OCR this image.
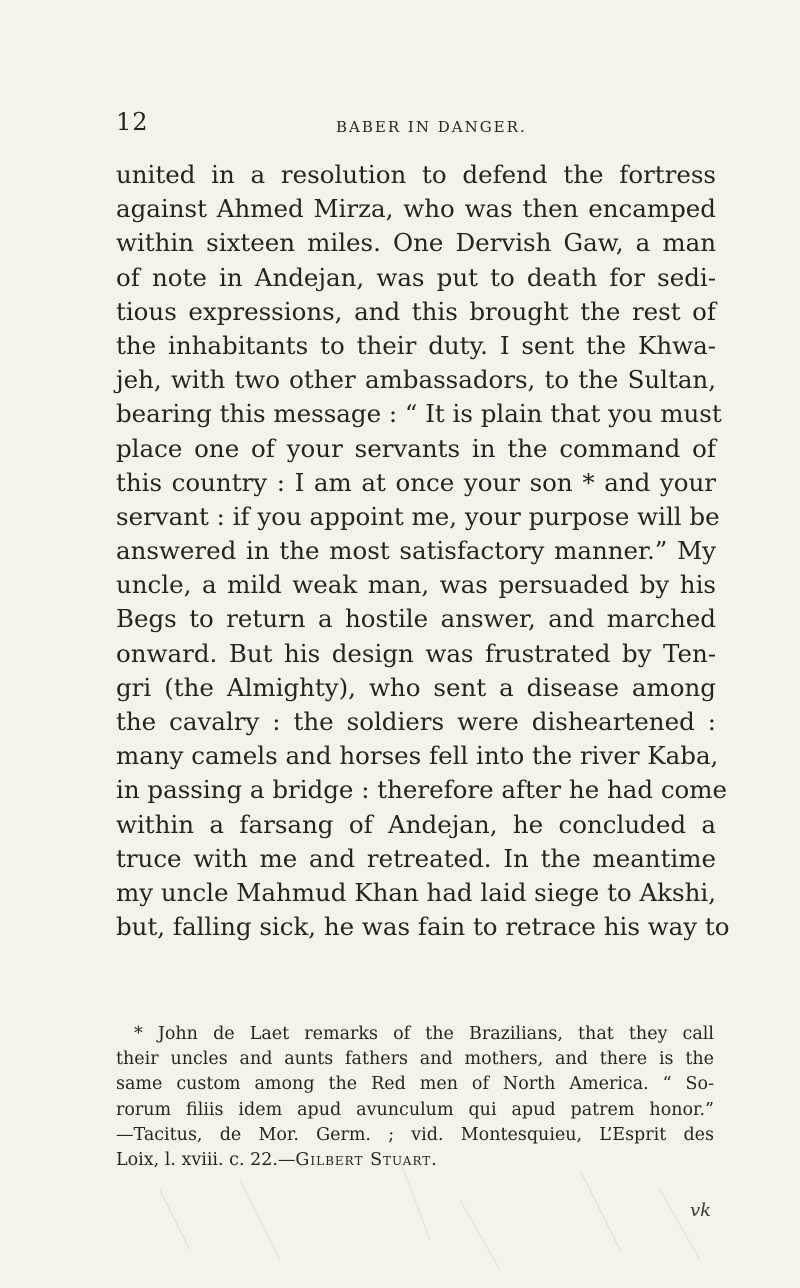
12	BABER IN DANGER.
united in a resolution to defend the fortress
against Ahmed Mirza, who was then encamped
within sixteen miles. One Dervish Gaw, a man
of note in Andejan, was put to death for sedi-
tious expressions, and this brought the rest of
the inhabitants to their duty. I sent the Khwa-
jeh, with two other ambassadors, to the Sultan,
bearing this message : “ It is plain that you must
place one of your servants in the command of
this country : I am at once your son * and your
servant : if you appoint me, your purpose will be
answered in the most satisfactory manner.” My
uncle, a mild weak man, was persuaded by his
Begs to return a hostile answer, and marched
onward. But his design was frustrated by Ten-
gri (the Almighty), who sent a disease among
the cavalry : the soldiers were disheartened :
many camels and horses fell into the river Kaba,
in passing a bridge : therefore after he had come
within a farsang of Andejan, he concluded a
truce with me and retreated. In the meantime
my uncle Mahmud Khan had laid siege to Akshi,
but, falling sick, he was fain to retrace his way to
* John de Laet remarks of the Brazilians, that they call
their uncles and aunts fathers and mothers, and there is the
same custom among the Red men of North America. “ So-
rorum filiis idem apud avunculum qui apud patrem honor.”
—Tacitus, de Mor. Germ. ; vid. Montesquieu, L’Esprit des
Loix, l. xviii. c. 22.—Gilbert Stuart.
vk
